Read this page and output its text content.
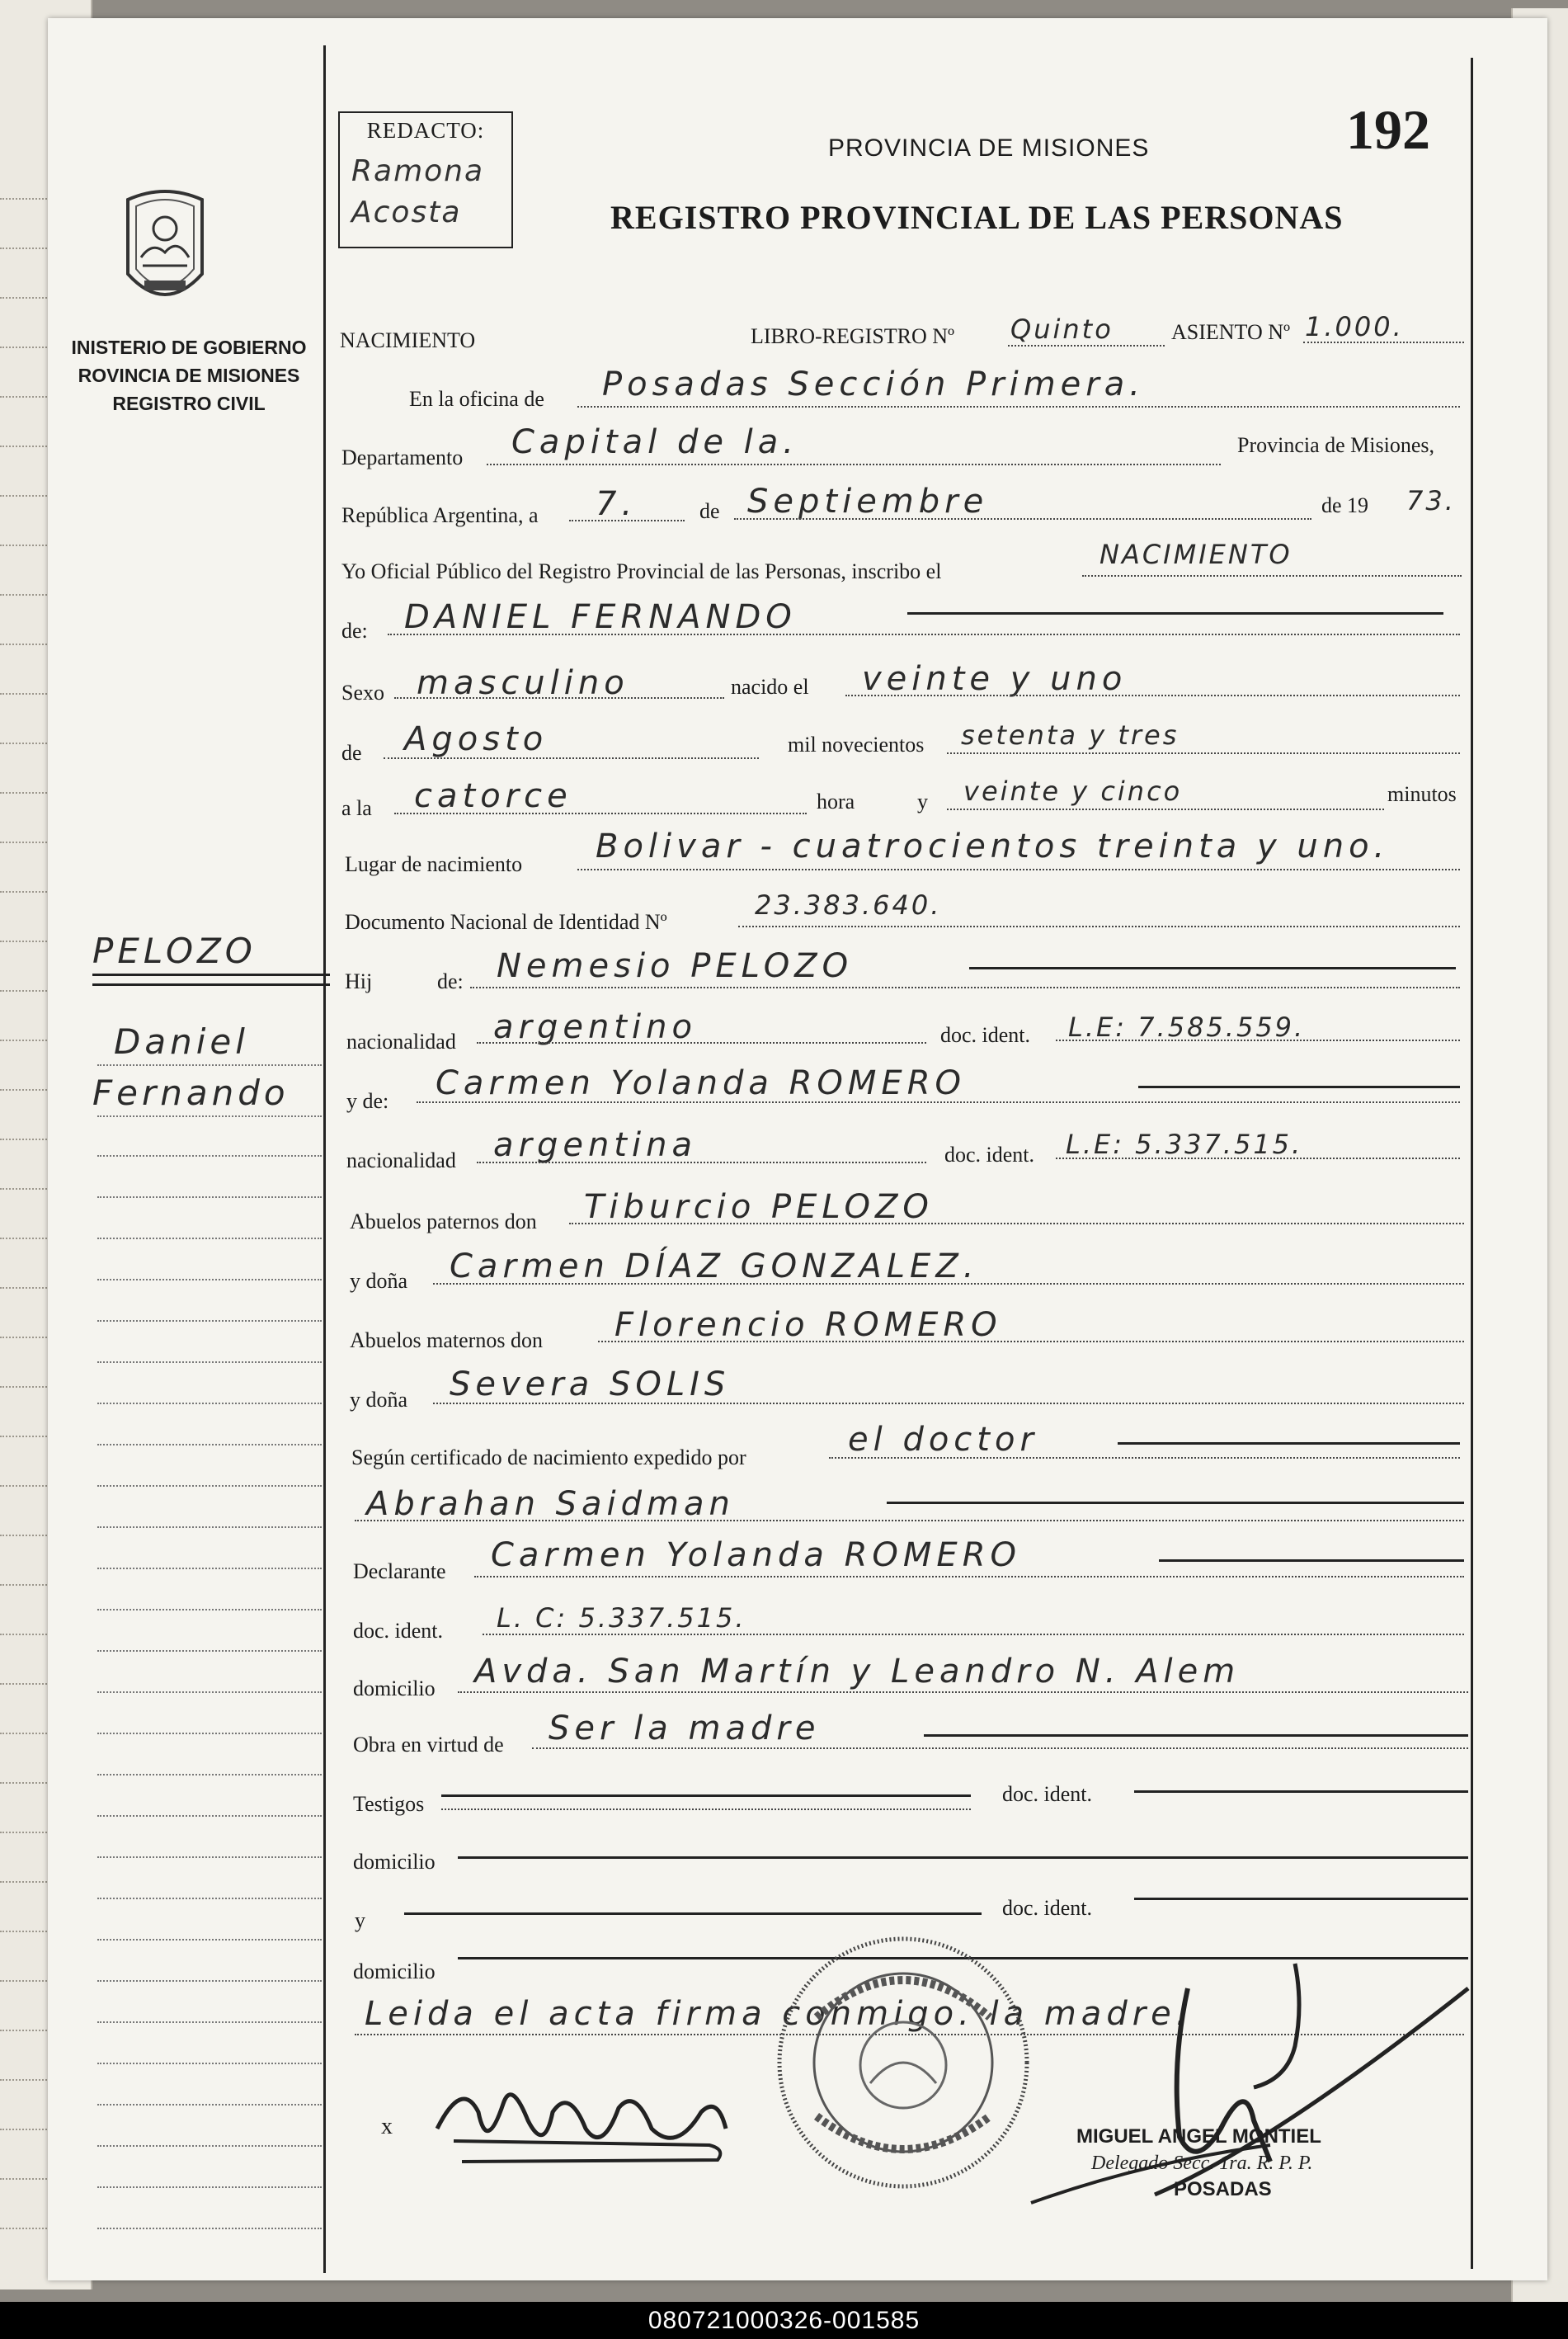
INISTERIO DE GOBIERNO
ROVINCIA DE MISIONES
REGISTRO CIVIL
REDACTO:
Ramona
Acosta
PROVINCIA DE MISIONES
REGISTRO PROVINCIAL DE LAS PERSONAS
192
NACIMIENTO	LIBRO-REGISTRO Nº Quinto	ASIENTO Nº 1.000.
En la oficina de Posadas Sección Primera.
Departamento Capital de la.	Provincia de Misiones,
República Argentina, a 7.	de Septiembre	de 19 73.
Yo Oficial Público del Registro Provincial de las Personas, inscribo el
NACIMIENTO
de: DANIEL FERNANDO
Sexo masculino	nacido el veinte y uno
de Agosto	mil novecientos setenta y tres
a la catorce	hora	y veinte y cinco	minutos
Lugar de nacimiento Bolivar - cuatrocientos treinta y uno.
Documento Nacional de Identidad Nº
23.383.640.
Hij	de: Nemesio PELOZO
nacionalidad argentino	doc. ident. L.E: 7.585.559.
y de: Carmen Yolanda ROMERO
nacionalidad argentina	doc. ident. L.E: 5.337.515.
Abuelos paternos don Tiburcio PELOZO
y doña Carmen DÍAZ GONZALEZ.
Abuelos maternos don Florencio ROMERO
y doña Severa SOLIS
Según certificado de nacimiento expedido por	el doctor
Abrahan Saidman
Declarante Carmen Yolanda ROMERO
doc. ident. L. C: 5.337.515.
domicilio Avda. San Martín y Leandro N. Alem
Obra en virtud de Ser la madre
Testigos	doc. ident.
domicilio
y
doc. ident.
domicilio
Leida el acta firma conmigo. la madre.
PELOZO
Daniel
Fernando
x	MIGUEL ANGEL MONTIEL
Delegado Secc. 1ra. R. P. P.
POSADAS
080721000326-001585
